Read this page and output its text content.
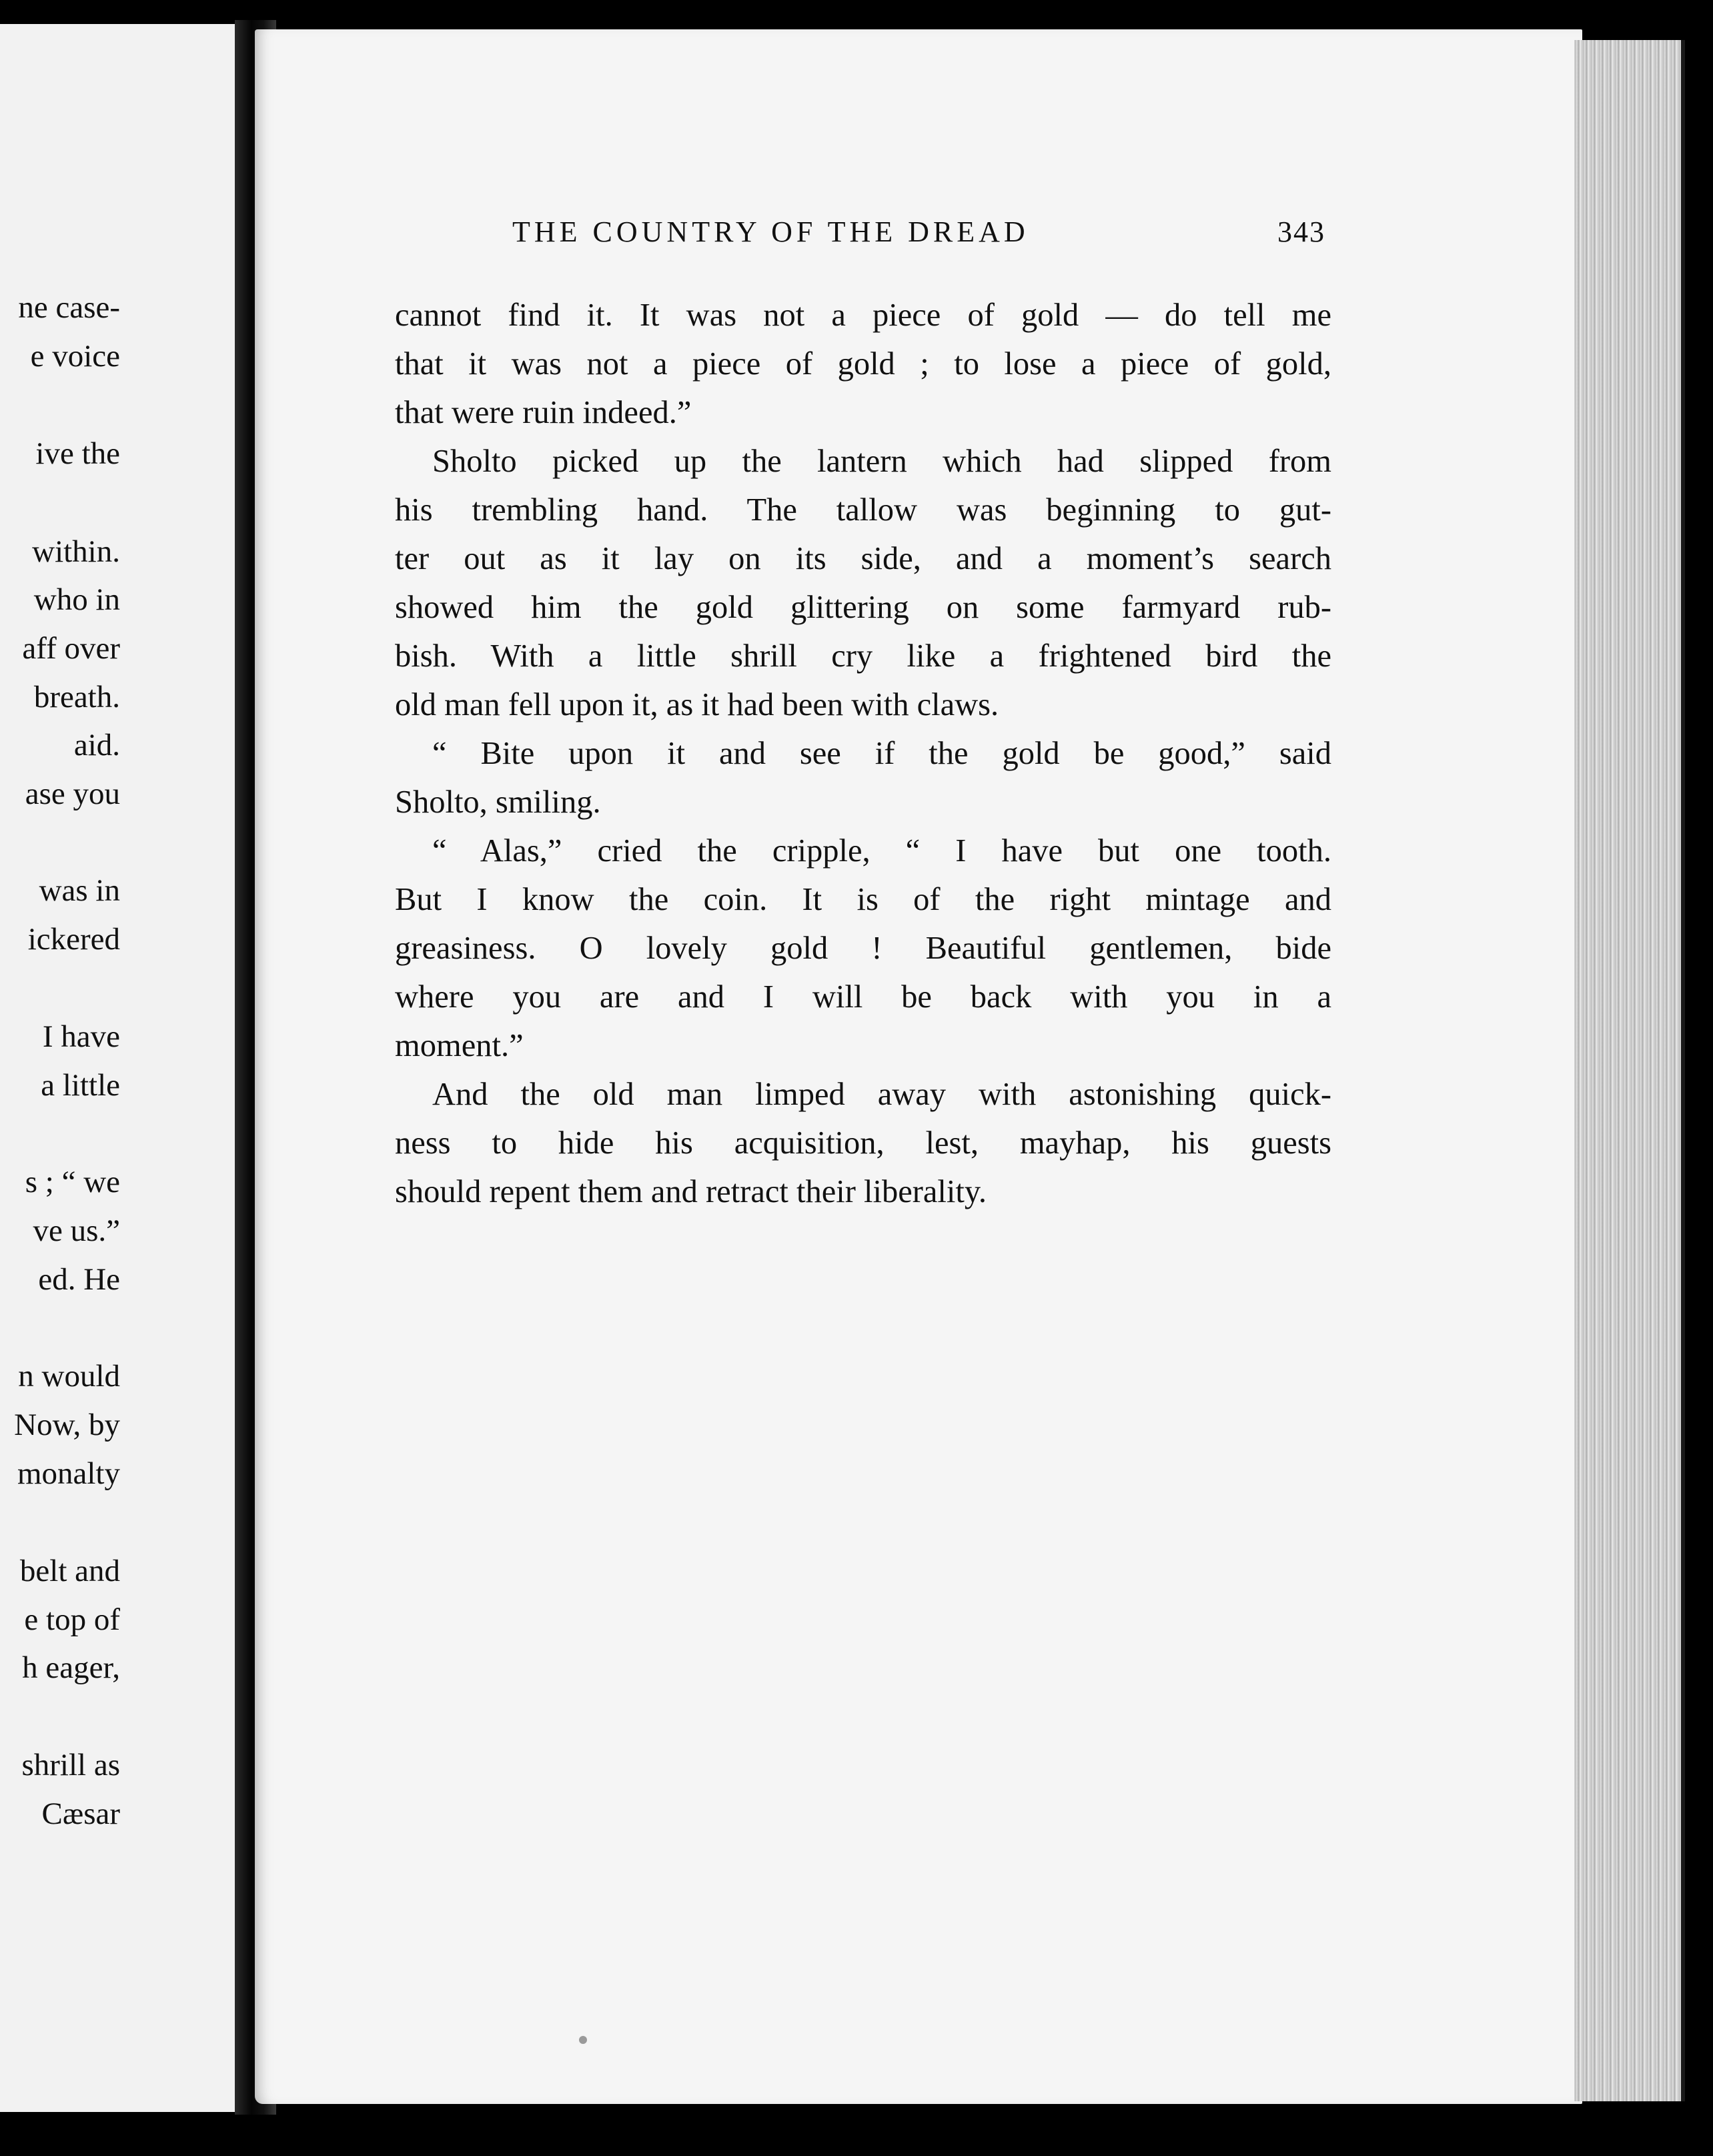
ne case-
e voice
ive the
within.
who in
aff over
breath.
aid.
ase you
was in
ickered
I have
a little
s ; “ we
ve us.”
ed. He
n would
Now, by
monalty
belt and
e top of
h eager,
shrill as
Cæsar
THE COUNTRY OF THE DREAD	343

cannot find it. It was not a piece of gold — do tell me
that it was not a piece of gold ; to lose a piece of gold,
that were ruin indeed.”

Sholto picked up the lantern which had slipped from
his trembling hand. The tallow was beginning to gut-
ter out as it lay on its side, and a moment’s search
showed him the gold glittering on some farmyard rub-
bish. With a little shrill cry like a frightened bird the
old man fell upon it, as it had been with claws.

“ Bite upon it and see if the gold be good,” said
Sholto, smiling.

“ Alas,” cried the cripple, “ I have but one tooth.
But I know the coin. It is of the right mintage and
greasiness. O lovely gold ! Beautiful gentlemen, bide
where you are and I will be back with you in a
moment.”

And the old man limped away with astonishing quick-
ness to hide his acquisition, lest, mayhap, his guests
should repent them and retract their liberality.
